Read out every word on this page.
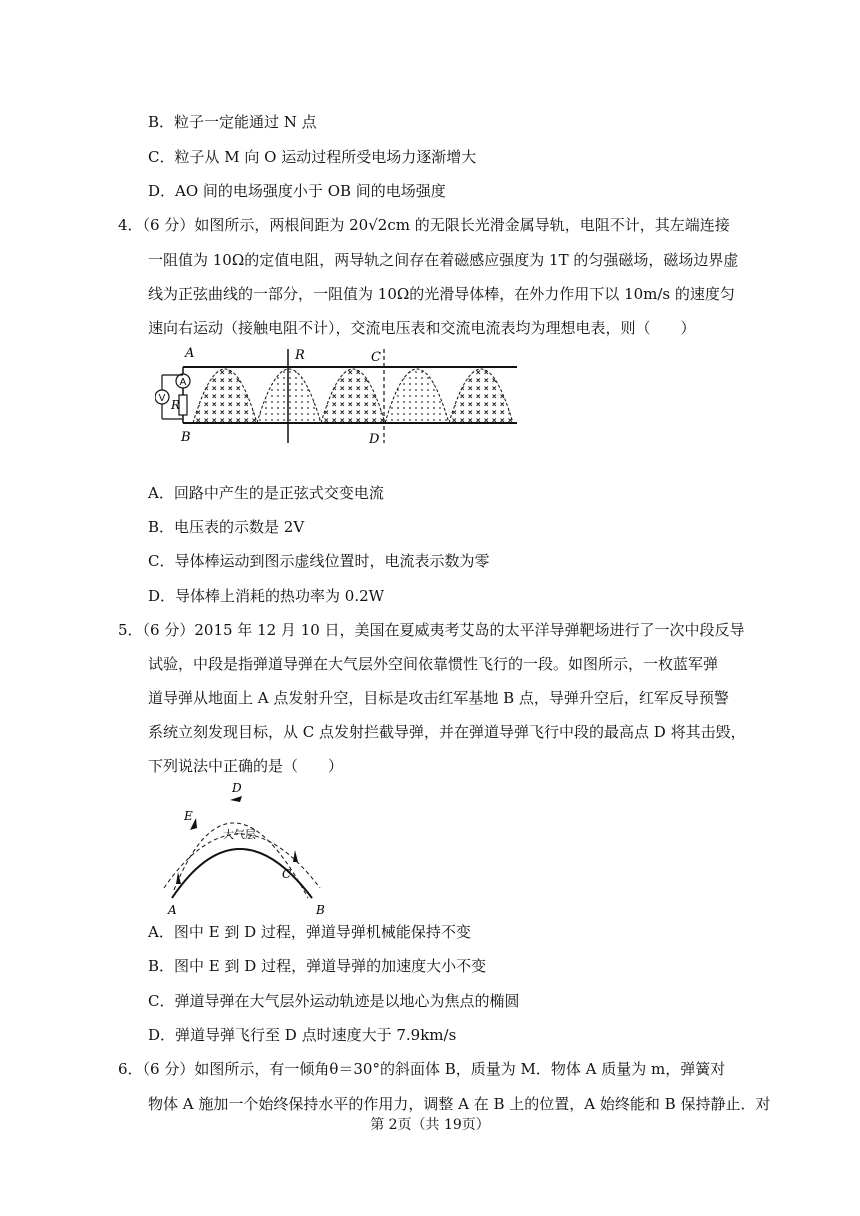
B．粒子一定能通过 N 点
C．粒子从 M 向 O 运动过程所受电场力逐渐增大
D．AO 间的电场强度小于 OB 间的电场强度
4．（6 分）如图所示，两根间距为 20√2cm 的无限长光滑金属导轨，电阻不计，其左端连接
一阻值为 10Ω的定值电阻，两导轨之间存在着磁感应强度为 1T 的匀强磁场，磁场边界虚
线为正弦曲线的一部分，一阻值为 10Ω的光滑导体棒，在外力作用下以 10m/s 的速度匀
速向右运动（接触电阻不计），交流电压表和交流电流表均为理想电表，则（　　）
A
V R
A
B
R	C
D
A．回路中产生的是正弦式交变电流
B．电压表的示数是 2V
C．导体棒运动到图示虚线位置时，电流表示数为零
D．导体棒上消耗的热功率为 0.2W
5．（6 分）2015 年 12 月 10 日，美国在夏威夷考艾岛的太平洋导弹靶场进行了一次中段反导
试验，中段是指弹道导弹在大气层外空间依靠惯性飞行的一段。如图所示，一枚蓝军弹
道导弹从地面上 A 点发射升空，目标是攻击红军基地 B 点，导弹升空后，红军反导预警
系统立刻发现目标，从 C 点发射拦截导弹，并在弹道导弹飞行中段的最高点 D 将其击毁，
下列说法中正确的是（　　）
A	B
C
D
E
大气层
A．图中 E 到 D 过程，弹道导弹机械能保持不变
B．图中 E 到 D 过程，弹道导弹的加速度大小不变
C．弹道导弹在大气层外运动轨迹是以地心为焦点的椭圆
D．弹道导弹飞行至 D 点时速度大于 7.9km/s
6．（6 分）如图所示，有一倾角θ＝30°的斜面体 B，质量为 M．物体 A 质量为 m，弹簧对
物体 A 施加一个始终保持水平的作用力，调整 A 在 B 上的位置，A 始终能和 B 保持静止．对
第 2页（共 19页）
